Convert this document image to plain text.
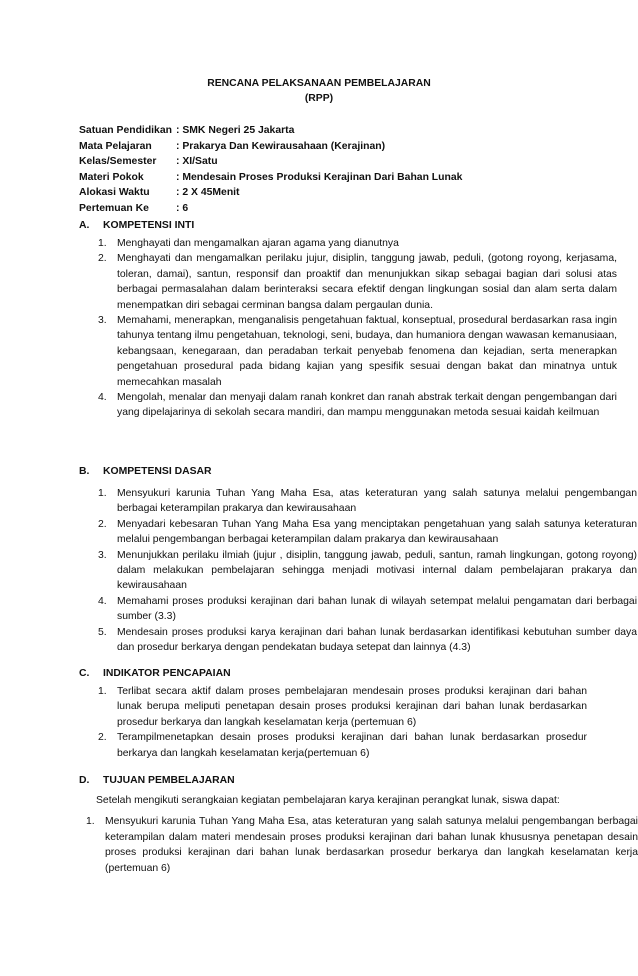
RENCANA PELAKSANAAN PEMBELAJARAN
(RPP)
Satuan Pendidikan : SMK Negeri 25 Jakarta
Mata Pelajaran : Prakarya Dan Kewirausahaan (Kerajinan)
Kelas/Semester : XI/Satu
Materi Pokok	: Mendesain Proses Produksi Kerajinan Dari Bahan Lunak
Alokasi Waktu	: 2 X 45Menit
Pertemuan Ke	: 6
A. KOMPETENSI INTI
1. Menghayati dan mengamalkan ajaran agama yang dianutnya
2. Menghayati dan mengamalkan perilaku jujur, disiplin, tanggung jawab, peduli, (gotong royong, kerjasama, toleran, damai), santun, responsif dan proaktif dan menunjukkan sikap sebagai bagian dari solusi atas berbagai permasalahan dalam berinteraksi secara efektif dengan lingkungan sosial dan alam serta dalam menempatkan diri sebagai cerminan bangsa dalam pergaulan dunia.
3. Memahami, menerapkan, menganalisis pengetahuan faktual, konseptual, prosedural berdasarkan rasa ingin tahunya tentang ilmu pengetahuan, teknologi, seni, budaya, dan humaniora dengan wawasan kemanusiaan, kebangsaan, kenegaraan, dan peradaban terkait penyebab fenomena dan kejadian, serta menerapkan pengetahuan prosedural pada bidang kajian yang spesifik sesuai dengan bakat dan minatnya untuk memecahkan masalah
4. Mengolah, menalar dan menyaji dalam ranah konkret dan ranah abstrak terkait dengan pengembangan dari yang dipelajarinya di sekolah secara mandiri, dan mampu menggunakan metoda sesuai kaidah keilmuan
B. KOMPETENSI DASAR
1. Mensyukuri karunia Tuhan Yang Maha Esa, atas keteraturan yang salah satunya melalui pengembangan berbagai keterampilan prakarya dan kewirausahaan
2. Menyadari kebesaran Tuhan Yang Maha Esa yang menciptakan pengetahuan yang salah satunya keteraturan melalui pengembangan berbagai keterampilan dalam prakarya dan kewirausahaan
3. Menunjukkan perilaku ilmiah (jujur , disiplin, tanggung jawab, peduli, santun, ramah lingkungan, gotong royong) dalam melakukan pembelajaran sehingga menjadi motivasi internal dalam pembelajaran prakarya dan kewirausahaan
4. Memahami proses produksi kerajinan dari bahan lunak di wilayah setempat melalui pengamatan dari berbagai sumber (3.3)
5. Mendesain proses produksi karya kerajinan dari bahan lunak berdasarkan identifikasi kebutuhan sumber daya dan prosedur berkarya dengan pendekatan budaya setepat dan lainnya (4.3)
C. INDIKATOR PENCAPAIAN
1. Terlibat secara aktif dalam proses pembelajaran mendesain proses produksi kerajinan dari bahan lunak berupa meliputi penetapan desain proses produksi kerajinan dari bahan lunak berdasarkan prosedur berkarya dan langkah keselamatan kerja (pertemuan 6)
2. Terampilmenetapkan desain proses produksi kerajinan dari bahan lunak berdasarkan prosedur berkarya dan langkah keselamatan kerja(pertemuan 6)
D. TUJUAN PEMBELAJARAN
Setelah mengikuti serangkaian kegiatan pembelajaran karya kerajinan perangkat lunak, siswa dapat:
1. Mensyukuri karunia Tuhan Yang Maha Esa, atas keteraturan yang salah satunya melalui pengembangan berbagai keterampilan dalam materi mendesain proses produksi kerajinan dari bahan lunak khususnya penetapan desain proses produksi kerajinan dari bahan lunak berdasarkan prosedur berkarya dan langkah keselamatan kerja (pertemuan 6)
